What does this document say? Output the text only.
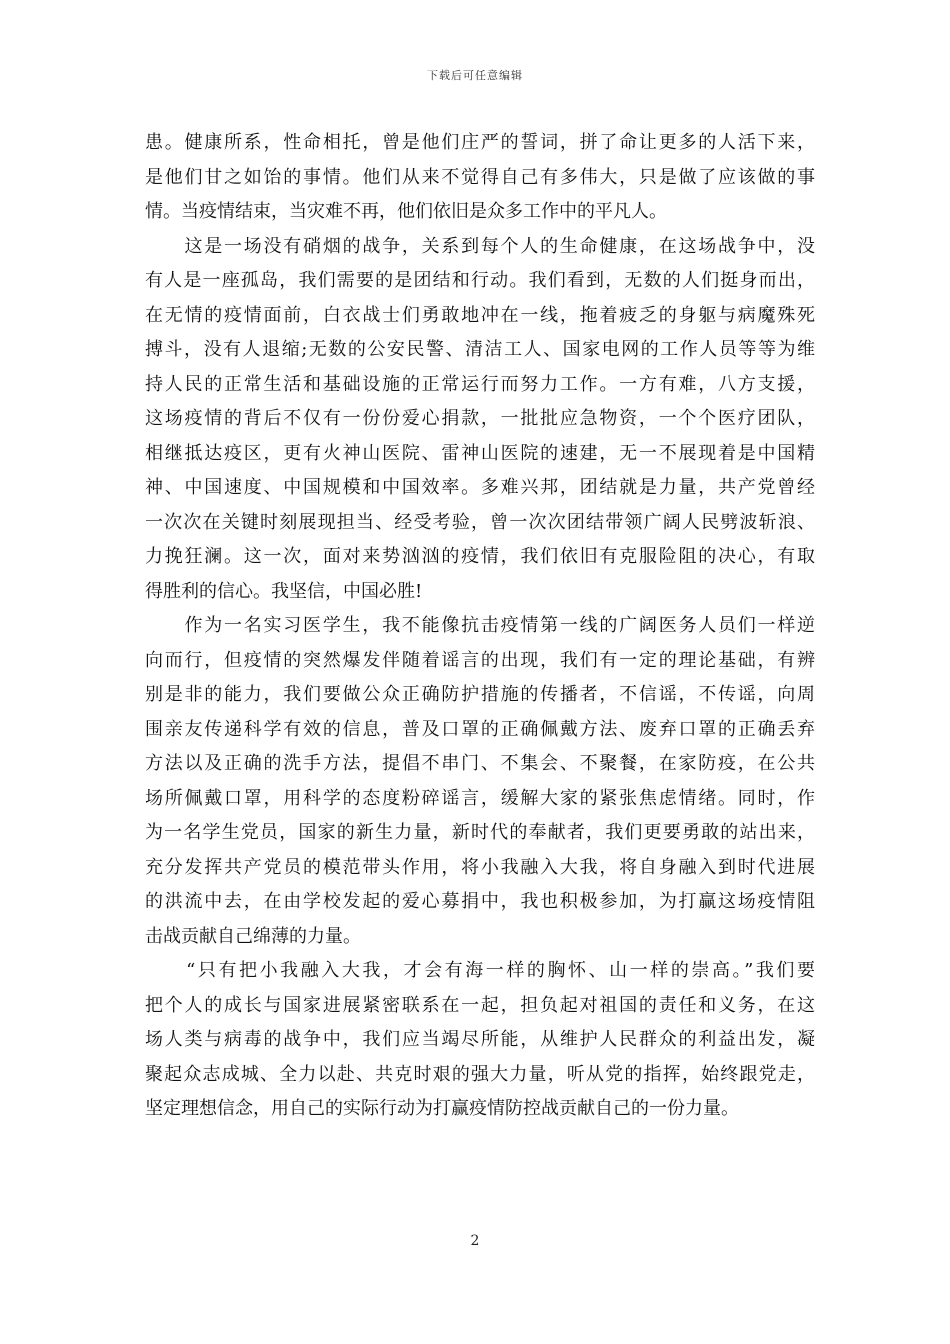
下载后可任意编辑
患。健康所系，性命相托，曾是他们庄严的誓词，拼了命让更多的人活下来，
是他们甘之如饴的事情。他们从来不觉得自己有多伟大，只是做了应该做的事
情。当疫情结束，当灾难不再，他们依旧是众多工作中的平凡人。
　　这是一场没有硝烟的战争，关系到每个人的生命健康，在这场战争中，没
有人是一座孤岛，我们需要的是团结和行动。我们看到，无数的人们挺身而出，
在无情的疫情面前，白衣战士们勇敢地冲在一线，拖着疲乏的身躯与病魔殊死
搏斗，没有人退缩;无数的公安民警、清洁工人、国家电网的工作人员等等为维
持人民的正常生活和基础设施的正常运行而努力工作。一方有难，八方支援，
这场疫情的背后不仅有一份份爱心捐款，一批批应急物资，一个个医疗团队，
相继抵达疫区，更有火神山医院、雷神山医院的速建，无一不展现着是中国精
神、中国速度、中国规模和中国效率。多难兴邦，团结就是力量，共产党曾经
一次次在关键时刻展现担当、经受考验，曾一次次团结带领广阔人民劈波斩浪、
力挽狂澜。这一次，面对来势汹汹的疫情，我们依旧有克服险阻的决心，有取
得胜利的信心。我坚信，中国必胜!
　　作为一名实习医学生，我不能像抗击疫情第一线的广阔医务人员们一样逆
向而行，但疫情的突然爆发伴随着谣言的出现，我们有一定的理论基础，有辨
别是非的能力，我们要做公众正确防护措施的传播者，不信谣，不传谣，向周
围亲友传递科学有效的信息，普及口罩的正确佩戴方法、废弃口罩的正确丢弃
方法以及正确的洗手方法，提倡不串门、不集会、不聚餐，在家防疫，在公共
场所佩戴口罩，用科学的态度粉碎谣言，缓解大家的紧张焦虑情绪。同时，作
为一名学生党员，国家的新生力量，新时代的奉献者，我们更要勇敢的站出来，
充分发挥共产党员的模范带头作用，将小我融入大我，将自身融入到时代进展
的洪流中去，在由学校发起的爱心募捐中，我也积极参加，为打赢这场疫情阻
击战贡献自己绵薄的力量。
　　“只有把小我融入大我，才会有海一样的胸怀、山一样的崇高。”我们要
把个人的成长与国家进展紧密联系在一起，担负起对祖国的责任和义务，在这
场人类与病毒的战争中，我们应当竭尽所能，从维护人民群众的利益出发，凝
聚起众志成城、全力以赴、共克时艰的强大力量，听从党的指挥，始终跟党走，
坚定理想信念，用自己的实际行动为打赢疫情防控战贡献自己的一份力量。
2
